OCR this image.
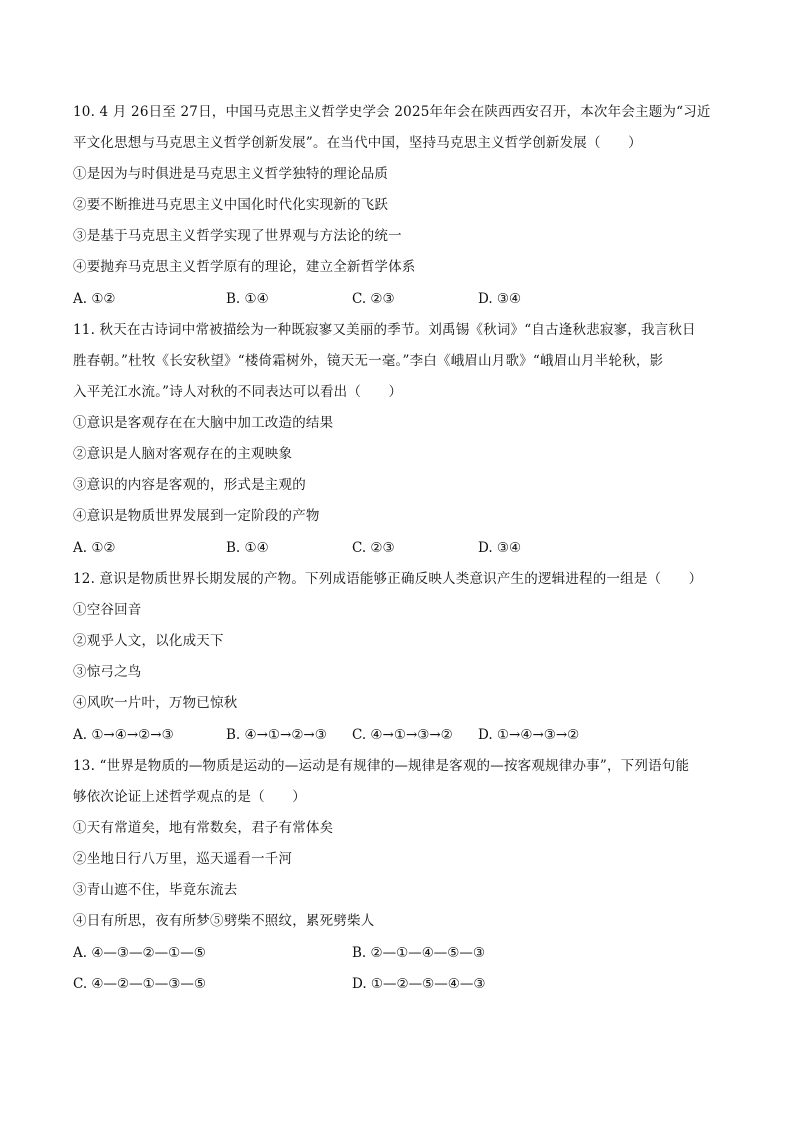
10. 4 月 26日至 27日，中国马克思主义哲学史学会 2025年年会在陕西西安召开，本次年会主题为“习近
平文化思想与马克思主义哲学创新发展”。在当代中国，坚持马克思主义哲学创新发展（　　）
①是因为与时俱进是马克思主义哲学独特的理论品质
②要不断推进马克思主义中国化时代化实现新的飞跃
③是基于马克思主义哲学实现了世界观与方法论的统一
④要抛弃马克思主义哲学原有的理论，建立全新哲学体系
A. ①②	B. ①④	C. ②③	D. ③④
11. 秋天在古诗词中常被描绘为一种既寂寥又美丽的季节。刘禹锡《秋词》“自古逢秋悲寂寥，我言秋日
胜春朝。”杜牧《长安秋望》“楼倚霜树外，镜天无一毫。”李白《峨眉山月歌》“峨眉山月半轮秋，影
入平羌江水流。”诗人对秋的不同表达可以看出（　　）
①意识是客观存在在大脑中加工改造的结果
②意识是人脑对客观存在的主观映象
③意识的内容是客观的，形式是主观的
④意识是物质世界发展到一定阶段的产物
A. ①②	B. ①④	C. ②③	D. ③④
12. 意识是物质世界长期发展的产物。下列成语能够正确反映人类意识产生的逻辑进程的一组是（　　）
①空谷回音
②观乎人文，以化成天下
③惊弓之鸟
④风吹一片叶，万物已惊秋
A. ①→④→②→③	B. ④→①→②→③ C. ④→①→③→② D. ①→④→③→②
13. “世界是物质的—物质是运动的—运动是有规律的—规律是客观的—按客观规律办事”，下列语句能
够依次论证上述哲学观点的是（　　）
①天有常道矣，地有常数矣，君子有常体矣
②坐地日行八万里，巡天遥看一千河
③青山遮不住，毕竟东流去
④日有所思，夜有所梦⑤劈柴不照纹，累死劈柴人
A. ④—③—②—①—⑤	B. ②—①—④—⑤—③
C. ④—②—①—③—⑤	D. ①—②—⑤—④—③
